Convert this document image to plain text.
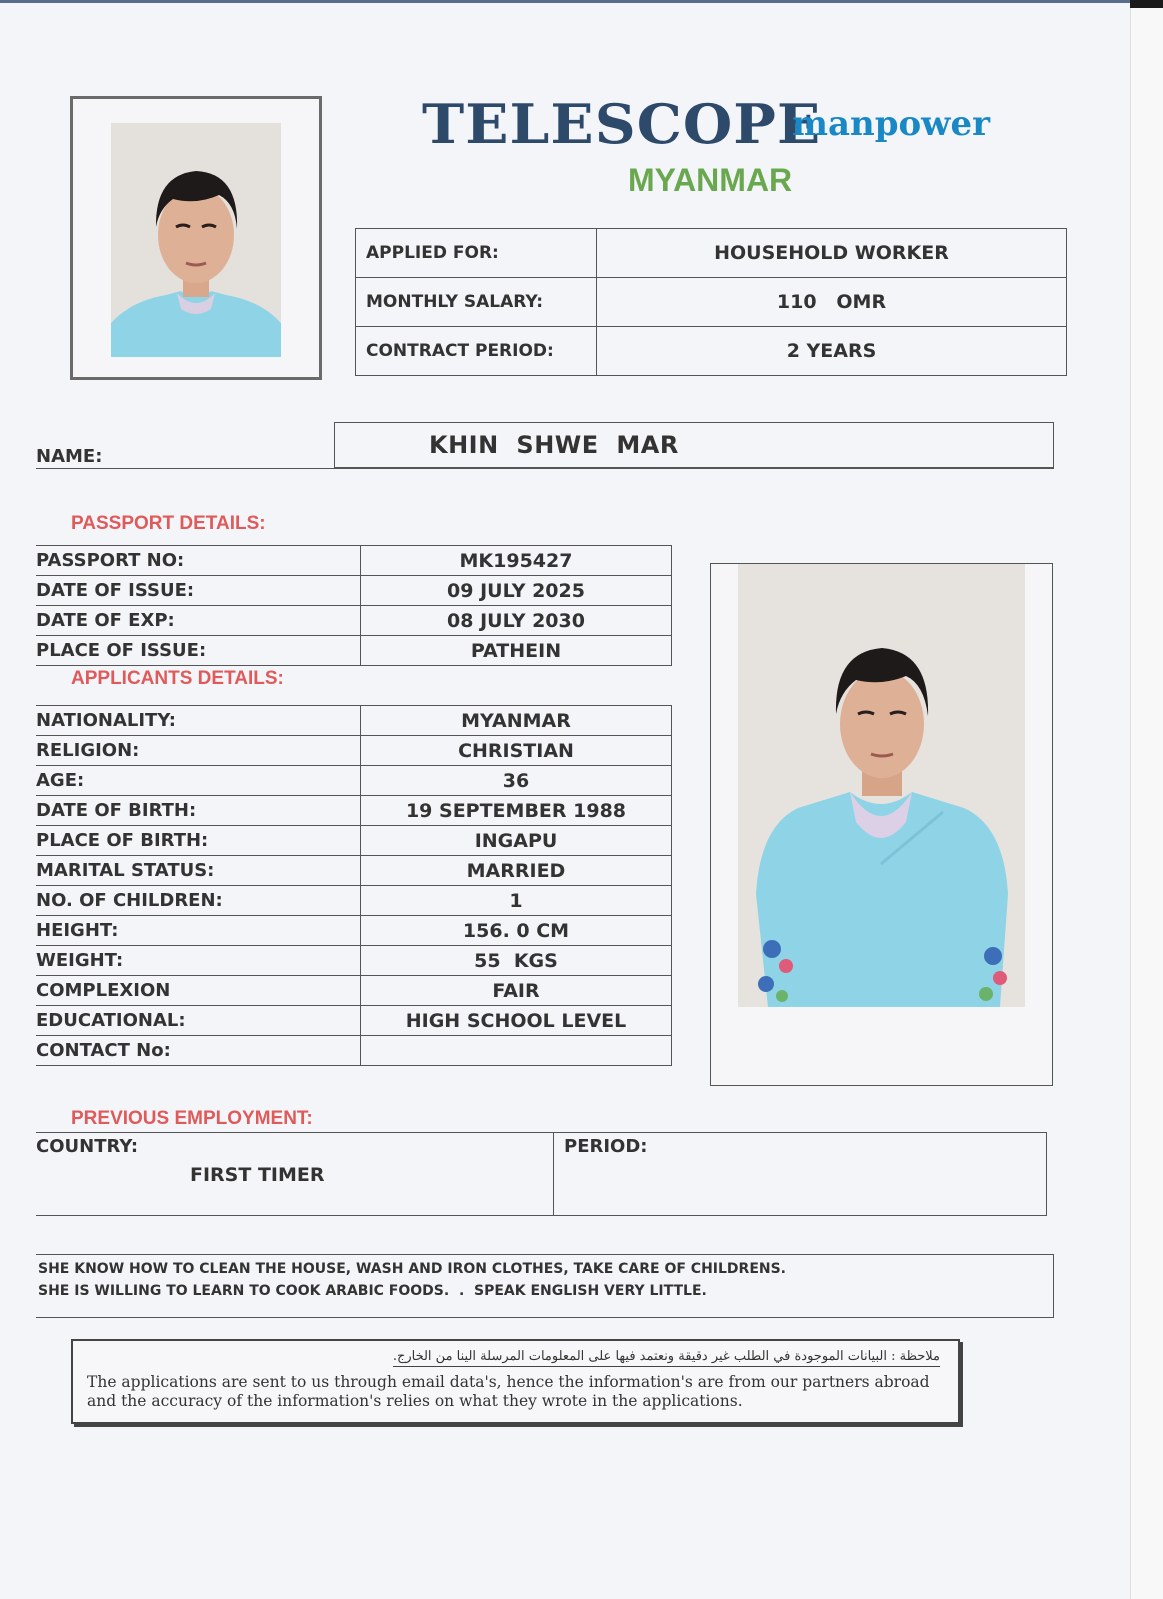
TELESCOPE
manpower
MYANMAR
APPLIED FOR:	HOUSEHOLD WORKER
MONTHLY SALARY:	110   OMR
CONTRACT PERIOD:	2 YEARS
NAME:	KHIN  SHWE  MAR
PASSPORT DETAILS:
PASSPORT NO:	MK195427
DATE OF ISSUE:	09 JULY 2025
DATE OF EXP:	08 JULY 2030
PLACE OF ISSUE:	PATHEIN
APPLICANTS DETAILS:
NATIONALITY:	MYANMAR
RELIGION:	CHRISTIAN
AGE:	36
DATE OF BIRTH:	19 SEPTEMBER 1988
PLACE OF BIRTH:	INGAPU
MARITAL STATUS:	MARRIED
NO. OF CHILDREN:	1
HEIGHT:	156. 0 CM
WEIGHT:	55  KGS
COMPLEXION	FAIR
EDUCATIONAL:	HIGH SCHOOL LEVEL
CONTACT No:	
PREVIOUS EMPLOYMENT:
COUNTRY:
FIRST TIMER
PERIOD:
SHE KNOW HOW TO CLEAN THE HOUSE, WASH AND IRON CLOTHES, TAKE CARE OF CHILDRENS.
SHE IS WILLING TO LEARN TO COOK ARABIC FOODS.  .  SPEAK ENGLISH VERY LITTLE.
ملاحظة : البيانات الموجودة في الطلب غير دقيقة ونعتمد فيها على المعلومات المرسلة الينا من الخارج.
The applications are sent to us through email data's, hence the information's are from our partners abroad and the accuracy of the information's relies on what they wrote in the applications.
